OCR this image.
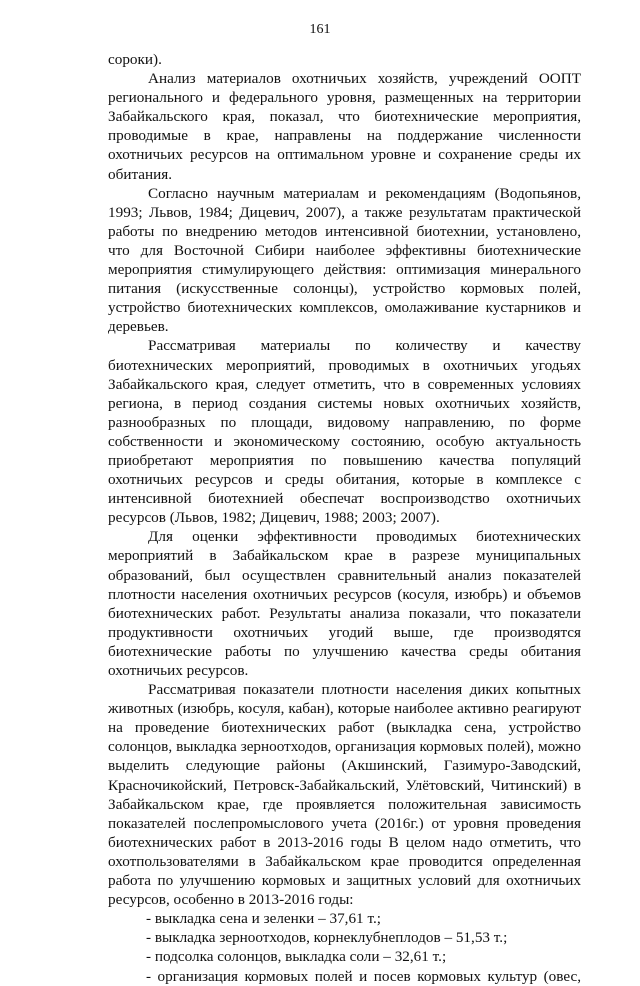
161

сороки).

Анализ материалов охотничьих хозяйств, учреждений ООПТ регионального и федерального уровня, размещенных на территории Забайкальского края, показал, что биотехнические мероприятия, проводимые в крае, направлены на поддержание численности охотничьих ресурсов на оптимальном уровне и сохранение среды их обитания.

Согласно научным материалам и рекомендациям (Водопьянов, 1993; Львов, 1984; Дицевич, 2007), а также результатам практической работы по внедрению методов интенсивной биотехнии, установлено, что для Восточной Сибири наиболее эффективны биотехнические мероприятия стимулирующего действия: оптимизация минерального питания (искусственные солонцы), устройство кормовых полей, устройство биотехнических комплексов, омолаживание кустарников и деревьев.

Рассматривая материалы по количеству и качеству биотехнических мероприятий, проводимых в охотничьих угодьях Забайкальского края, следует отметить, что в современных условиях региона, в период создания системы новых охотничьих хозяйств, разнообразных по площади, видовому направлению, по форме собственности и экономическому состоянию, особую актуальность приобретают мероприятия по повышению качества популяций охотничьих ресурсов и среды обитания, которые в комплексе с интенсивной биотехнией обеспечат воспроизводство охотничьих ресурсов (Львов, 1982; Дицевич, 1988; 2003; 2007).

Для оценки эффективности проводимых биотехнических мероприятий в Забайкальском крае в разрезе муниципальных образований, был осуществлен сравнительный анализ показателей плотности населения охотничьих ресурсов (косуля, изюбрь) и объемов биотехнических работ. Результаты анализа показали, что показатели продуктивности охотничьих угодий выше, где производятся биотехнические работы по улучшению качества среды обитания охотничьих ресурсов.

Рассматривая показатели плотности населения диких копытных животных (изюбрь, косуля, кабан), которые наиболее активно реагируют на проведение биотехнических работ (выкладка сена, устройство солонцов, выкладка зерноотходов, организация кормовых полей), можно выделить следующие районы (Акшинский, Газимуро-Заводский, Красночикойский, Петровск-Забайкальский, Улётовский, Читинский) в Забайкальском крае, где проявляется положительная зависимость показателей послепромыслового учета (2016г.) от уровня проведения биотехнических работ в 2013-2016 годы В целом надо отметить, что охотпользователями в Забайкальском крае проводится определенная работа по улучшению кормовых и защитных условий для охотничьих ресурсов, особенно в 2013-2016 годы:

- выкладка сена и зеленки – 37,61 т.;

- выкладка зерноотходов, корнеклубнеплодов – 51,53 т.;

- подсолка солонцов, выкладка соли – 32,61 т.;

- организация кормовых полей и посев кормовых культур (овес,
